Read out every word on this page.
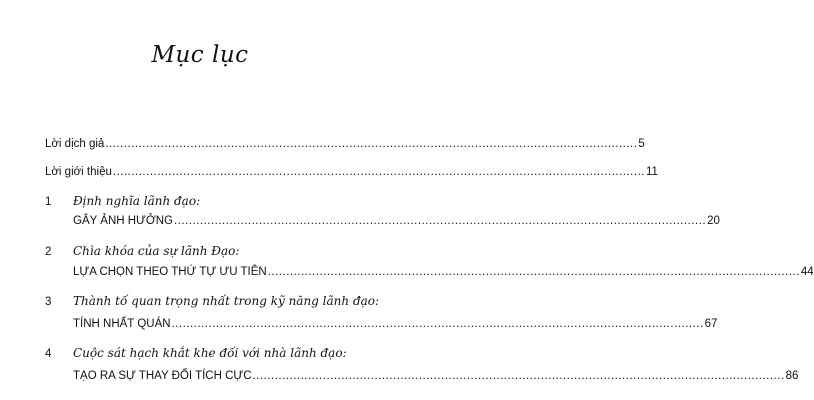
Mục lục
Lời dịch giả ................................................................................................................................................ 5
Lời giới thiệu ................................................................................................................................................ 11
1 Định nghĩa lãnh đạo:
GÂY ẢNH HƯỞNG ................................................................................................................................................ 20
2 Chìa khóa của sự lãnh Đạo:
LỰA CHỌN THEO THỨ TỰ ƯU TIÊN ................................................................................................................................................ 44
3 Thành tố quan trọng nhất trong kỹ năng lãnh đạo:
TÍNH NHẤT QUÁN ................................................................................................................................................ 67
4 Cuộc sát hạch khắt khe đối với nhà lãnh đạo:
TẠO RA SỰ THAY ĐỔI TÍCH CỰC ................................................................................................................................................ 86
